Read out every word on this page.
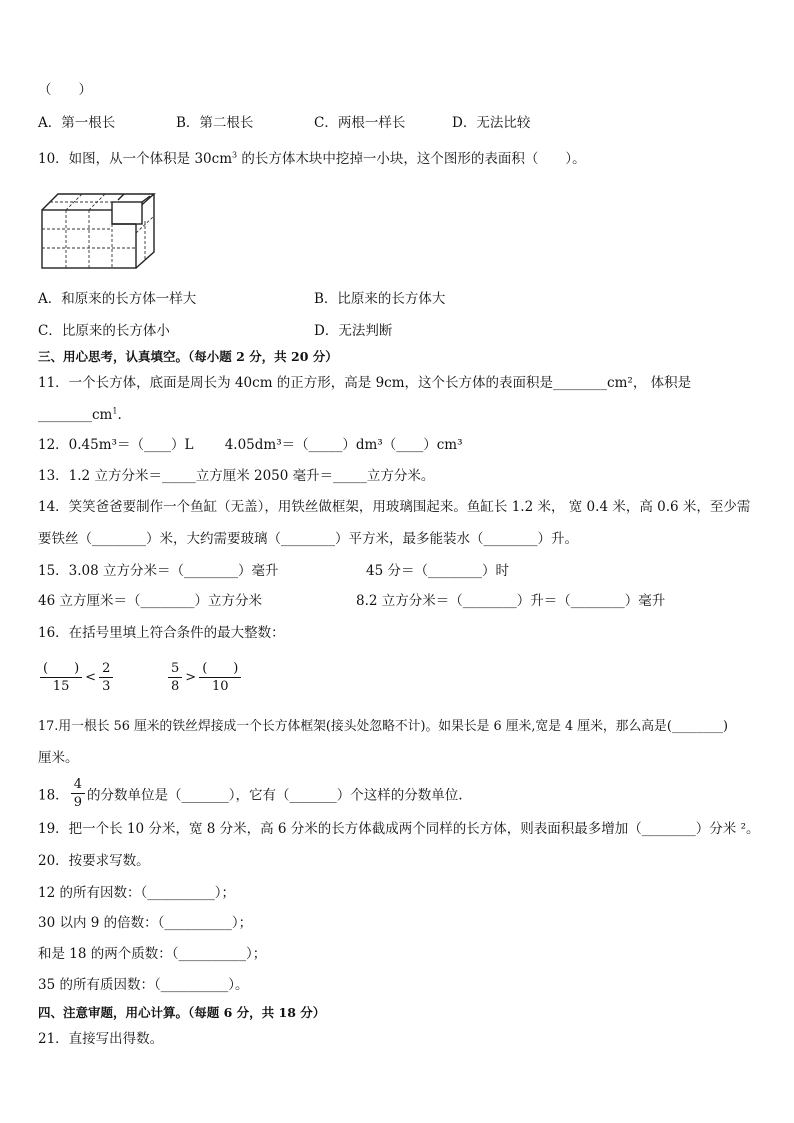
（　　）
A．第一根长	B．第二根长	C．两根一样长	D．无法比较
10．如图，从一个体积是 $30cm^3$ 的长方体木块中挖掉一小块，这个图形的表面积（　　）。
A．和原来的长方体一样大	B．比原来的长方体大
C．比原来的长方体小	D．无法判断
三、用心思考，认真填空。（每小题 2 分，共 20 分）
11．一个长方体，底面是周长为 40cm 的正方形，高是 9cm，这个长方体的表面积是________cm²， 体积是
$\_\_\_\_\_\_\_\_cm^1$.
12．0.45m³＝（____）L　　 4.05dm³＝（_____）dm³（____）cm³
13．1.2 立方分米＝_____立方厘米 2050 毫升＝_____立方分米。
14．笑笑爸爸要制作一个鱼缸（无盖），用铁丝做框架，用玻璃围起来。鱼缸长 1.2 米， 宽 0.4 米，高 0.6 米，至少需
要铁丝（________）米，大约需要玻璃（________）平方米，最多能装水（________）升。
15．3.08 立方分米＝（________）毫升	45 分＝（________）时
46 立方厘米＝（________）立方分米	8.2 立方分米＝（________）升＝（________）毫升
16．在括号里填上符合条件的最大整数：
$\frac{( )}{15} < \frac{2}{3}$	$\frac{5}{8} > \frac{( )}{10}$
17.用一根长 56 厘米的铁丝焊接成一个长方体框架(接头处忽略不计)。如果长是 6 厘米,宽是 4 厘米，那么高是(________)
厘米。
18． $\frac{4}{9}$ 的分数单位是（_______），它有（_______）个这样的分数单位.
19．把一个长 10 分米，宽 8 分米，高 6 分米的长方体截成两个同样的长方体，则表面积最多增加（________）分米 ²。
20．按要求写数。
12 的所有因数：（__________）；
30 以内 9 的倍数：（__________）；
和是 18 的两个质数：（__________）；
35 的所有质因数：（__________）。
四、注意审题，用心计算。（每题 6 分，共 18 分）
21．直接写出得数。
